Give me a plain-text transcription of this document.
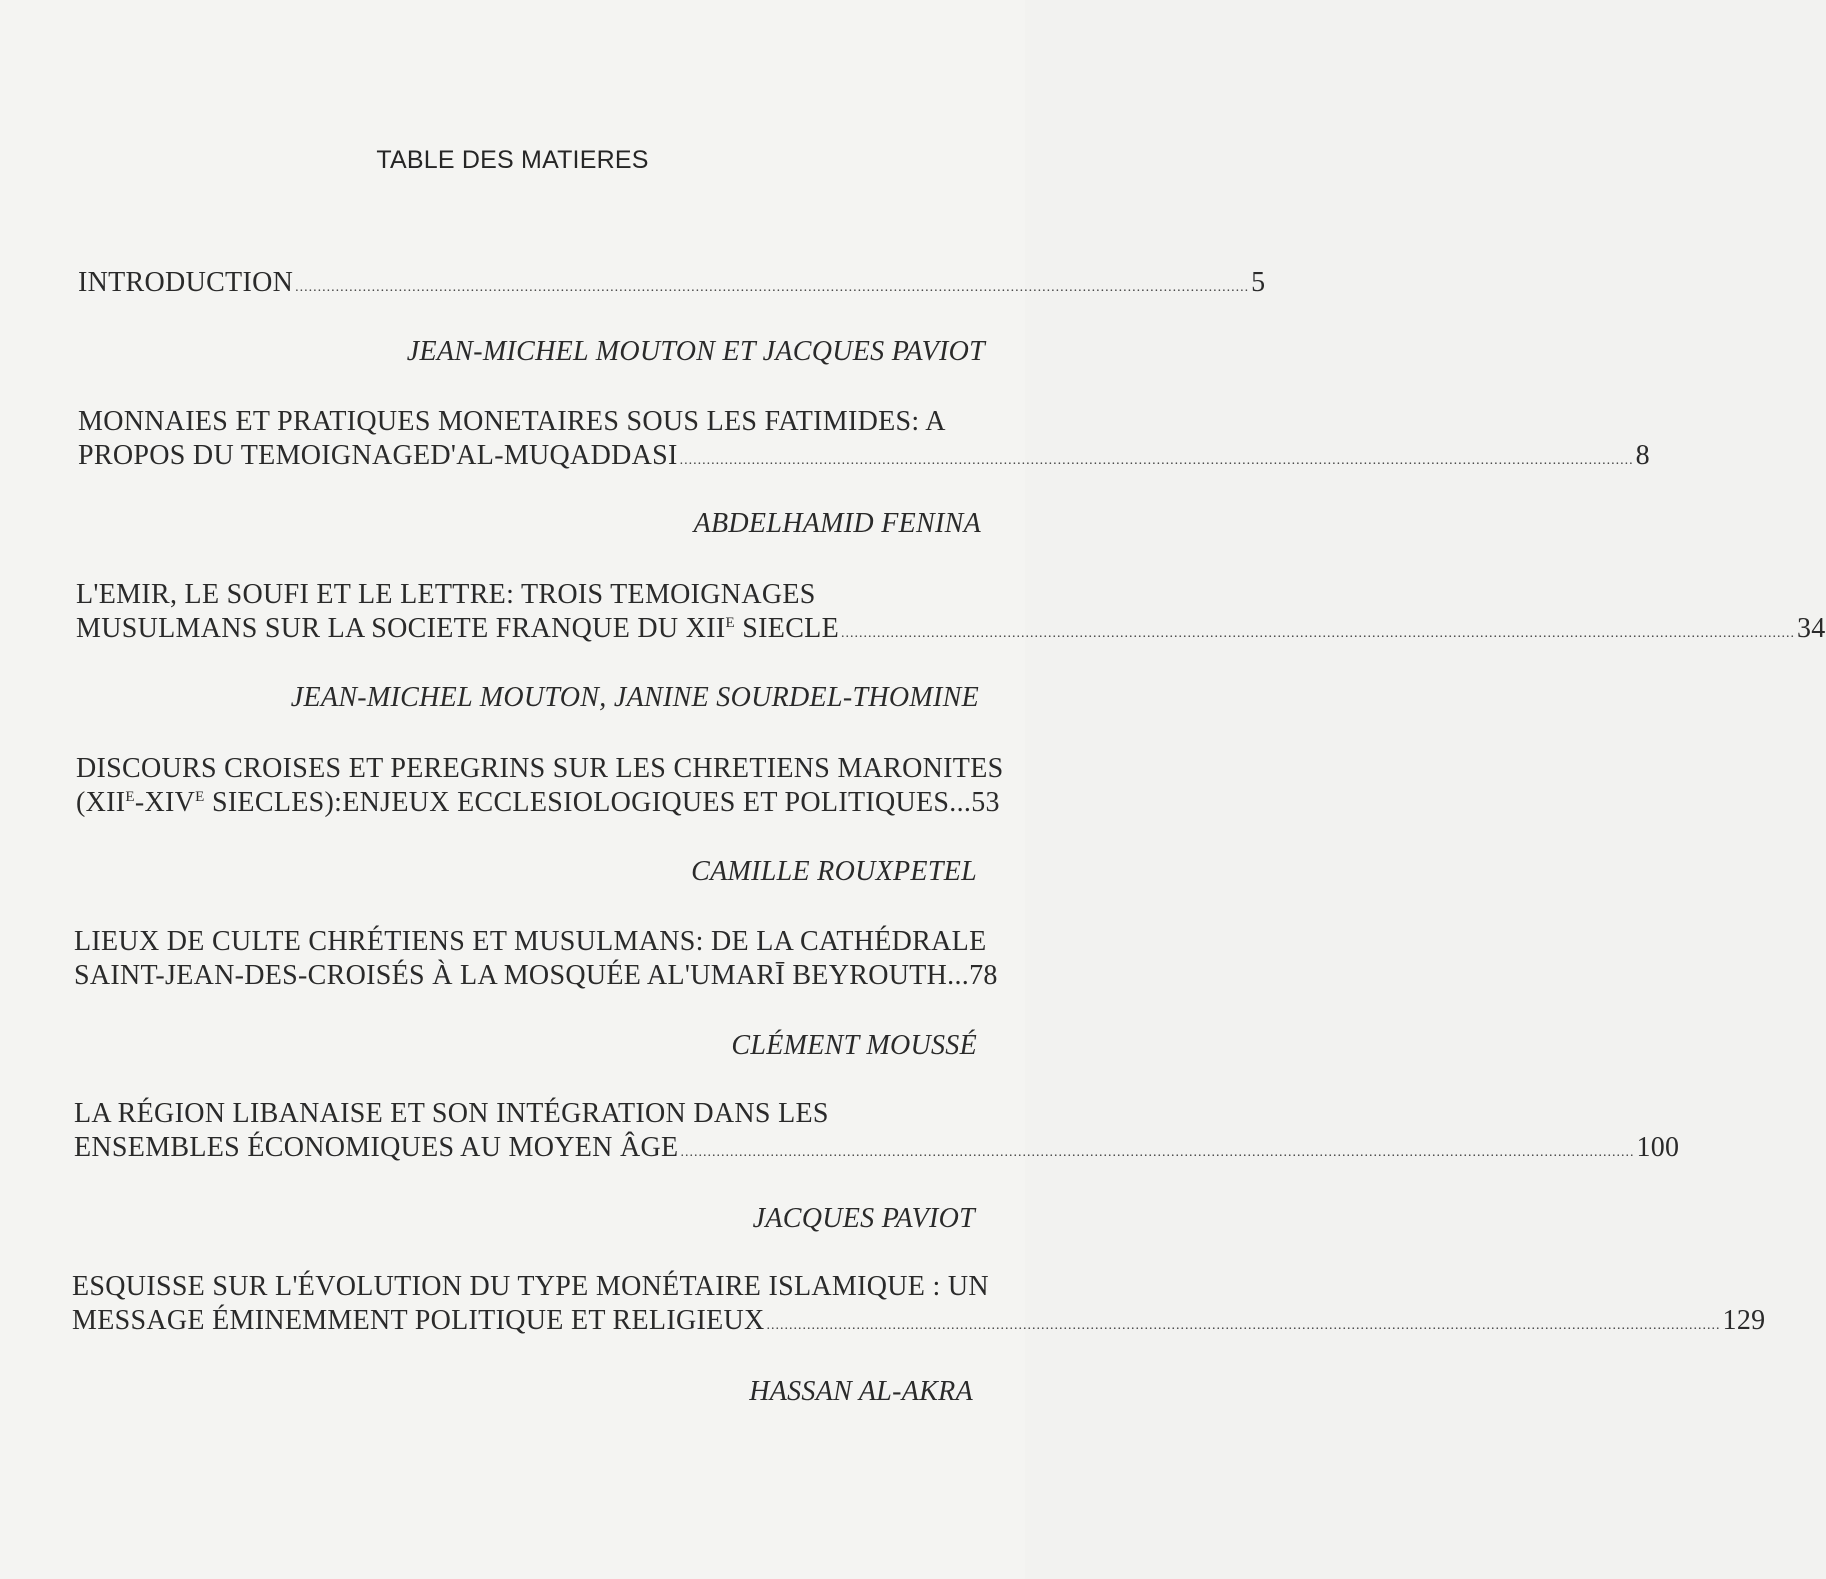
TABLE DES MATIERES
INTRODUCTION .................................................................................................................................................................................................................... 5
JEAN-MICHEL MOUTON ET JACQUES PAVIOT
MONNAIES ET PRATIQUES MONETAIRES SOUS LES FATIMIDES: A
PROPOS DU TEMOIGNAGED'AL-MUQADDASI .................................................................................................................................................................................................................... 8
ABDELHAMID FENINA
L'EMIR, LE SOUFI ET LE LETTRE: TROIS TEMOIGNAGES
MUSULMANS SUR LA SOCIETE FRANQUE DU $XII^E$ SIECLE .................................................................................................................................................................................................................... 34
JEAN-MICHEL MOUTON, JANINE SOURDEL-THOMINE
DISCOURS CROISES ET PEREGRINS SUR LES CHRETIENS MARONITES
($XII^E-XIV^E$ SIECLES):ENJEUX ECCLESIOLOGIQUES ET POLITIQUES...53
CAMILLE ROUXPETEL
LIEUX DE CULTE CHRÉTIENS ET MUSULMANS: DE LA CATHÉDRALE
SAINT-JEAN-DES-CROISÉS À LA MOSQUÉE AL'UMARĪ BEYROUTH...78
CLÉMENT MOUSSÉ
LA RÉGION LIBANAISE ET SON INTÉGRATION DANS LES
ENSEMBLES ÉCONOMIQUES AU MOYEN ÂGE .................................................................................................................................................................................................................... 100
JACQUES PAVIOT
ESQUISSE SUR L'ÉVOLUTION DU TYPE MONÉTAIRE ISLAMIQUE : UN
MESSAGE ÉMINEMMENT POLITIQUE ET RELIGIEUX .................................................................................................................................................................................................................... 129
HASSAN AL-AKRA
